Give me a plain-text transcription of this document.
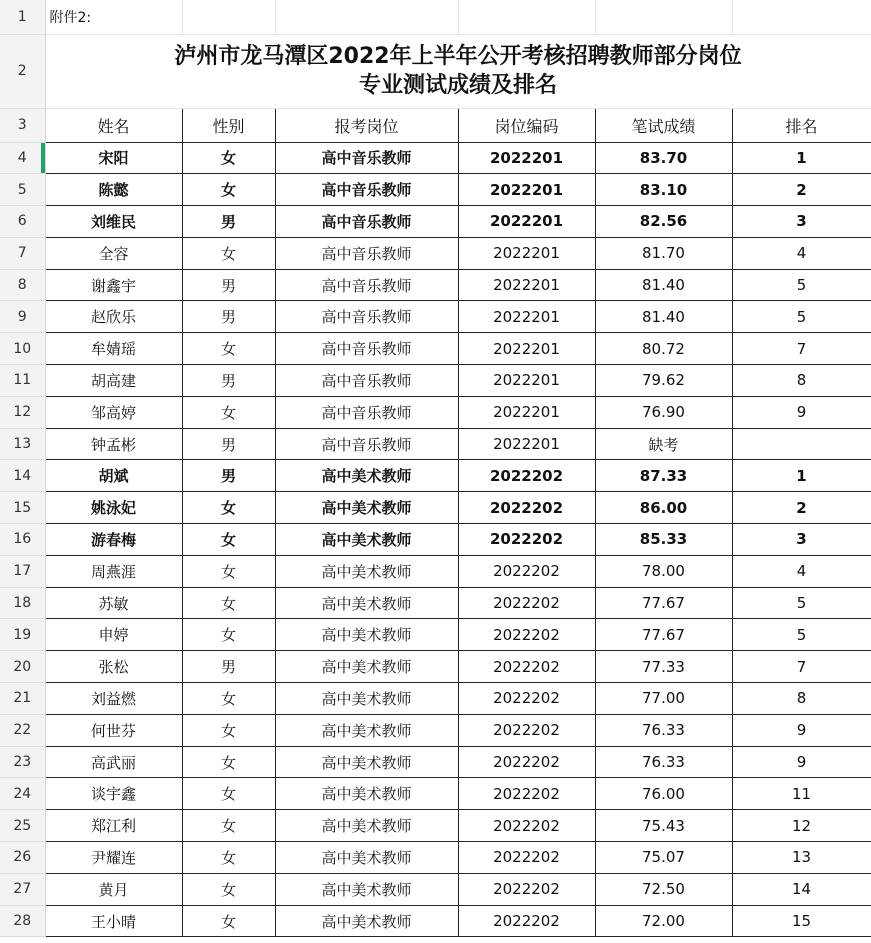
1	附件2:					
2	泸州市龙马潭区2022年上半年公开考核招聘教师部分岗位
专业测试成绩及排名					

3	姓名	性别	报考岗位	岗位编码	笔试成绩	排名
4	宋阳	女	高中音乐教师	2022201	83.70	1
5	陈懿	女	高中音乐教师	2022201	83.10	2
6	刘维民	男	高中音乐教师	2022201	82.56	3
7	全容	女	高中音乐教师	2022201	81.70	4
8	谢鑫宇	男	高中音乐教师	2022201	81.40	5
9	赵欣乐	男	高中音乐教师	2022201	81.40	5
10	牟婧瑶	女	高中音乐教师	2022201	80.72	7
11	胡高建	男	高中音乐教师	2022201	79.62	8
12	邹高婷	女	高中音乐教师	2022201	76.90	9
13	钟孟彬	男	高中音乐教师	2022201	缺考	
14	胡斌	男	高中美术教师	2022202	87.33	1
15	姚泳妃	女	高中美术教师	2022202	86.00	2
16	游春梅	女	高中美术教师	2022202	85.33	3
17	周燕涯	女	高中美术教师	2022202	78.00	4
18	苏敏	女	高中美术教师	2022202	77.67	5
19	申婷	女	高中美术教师	2022202	77.67	5
20	张松	男	高中美术教师	2022202	77.33	7
21	刘益燃	女	高中美术教师	2022202	77.00	8
22	何世芬	女	高中美术教师	2022202	76.33	9
23	高武丽	女	高中美术教师	2022202	76.33	9
24	谈宇鑫	女	高中美术教师	2022202	76.00	11
25	郑江利	女	高中美术教师	2022202	75.43	12
26	尹耀连	女	高中美术教师	2022202	75.07	13
27	黄月	女	高中美术教师	2022202	72.50	14
28	王小晴	女	高中美术教师	2022202	72.00	15
